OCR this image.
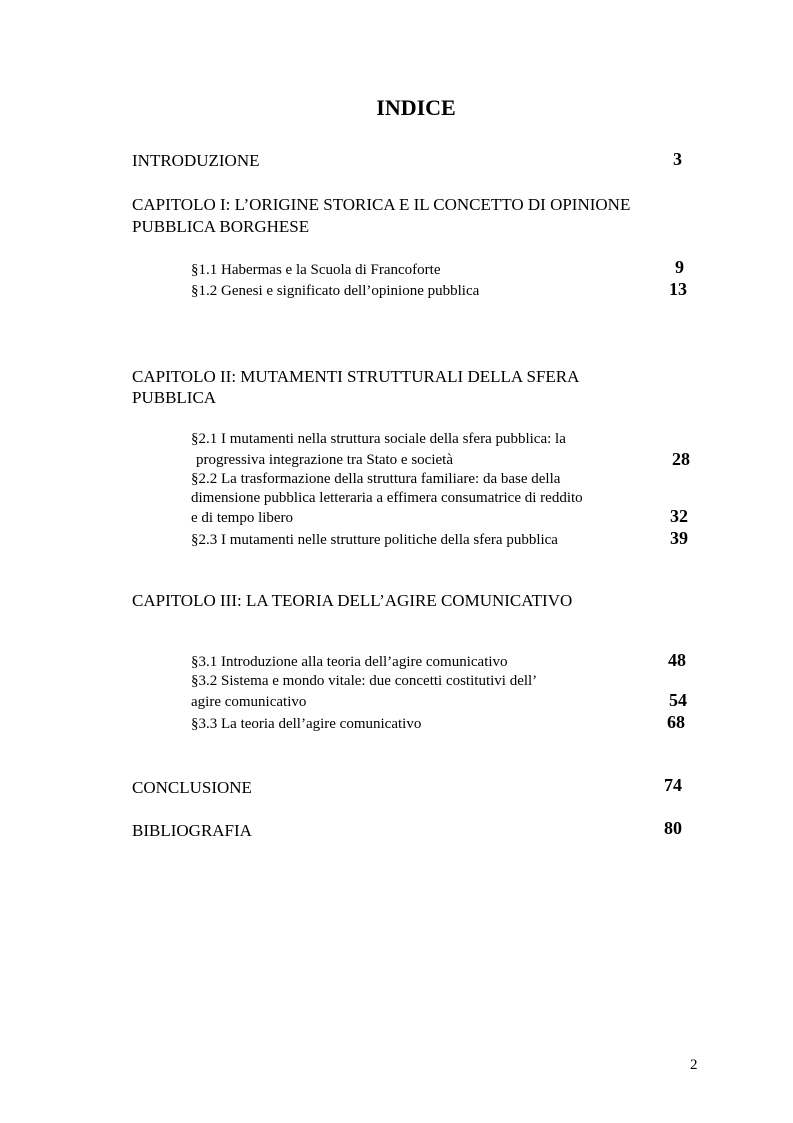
INDICE
INTRODUZIONE	3
CAPITOLO I: L’ORIGINE STORICA E IL CONCETTO DI OPINIONE
PUBBLICA BORGHESE
§1.1 Habermas e la Scuola di Francoforte	9
§1.2 Genesi e significato dell’opinione pubblica	13
CAPITOLO II: MUTAMENTI STRUTTURALI DELLA SFERA
PUBBLICA
§2.1 I mutamenti nella struttura sociale della sfera pubblica: la
progressiva integrazione tra Stato e società	28
§2.2 La trasformazione della struttura familiare: da base della
dimensione pubblica letteraria a effimera consumatrice di reddito
e di tempo libero	32
§2.3 I mutamenti nelle strutture politiche della sfera pubblica	39
CAPITOLO III: LA TEORIA DELL’AGIRE COMUNICATIVO
§3.1 Introduzione alla teoria dell’agire comunicativo	48
§3.2 Sistema e mondo vitale: due concetti costitutivi dell’
agire comunicativo	54
§3.3 La teoria dell’agire comunicativo	68
CONCLUSIONE	74
BIBLIOGRAFIA	80
2
